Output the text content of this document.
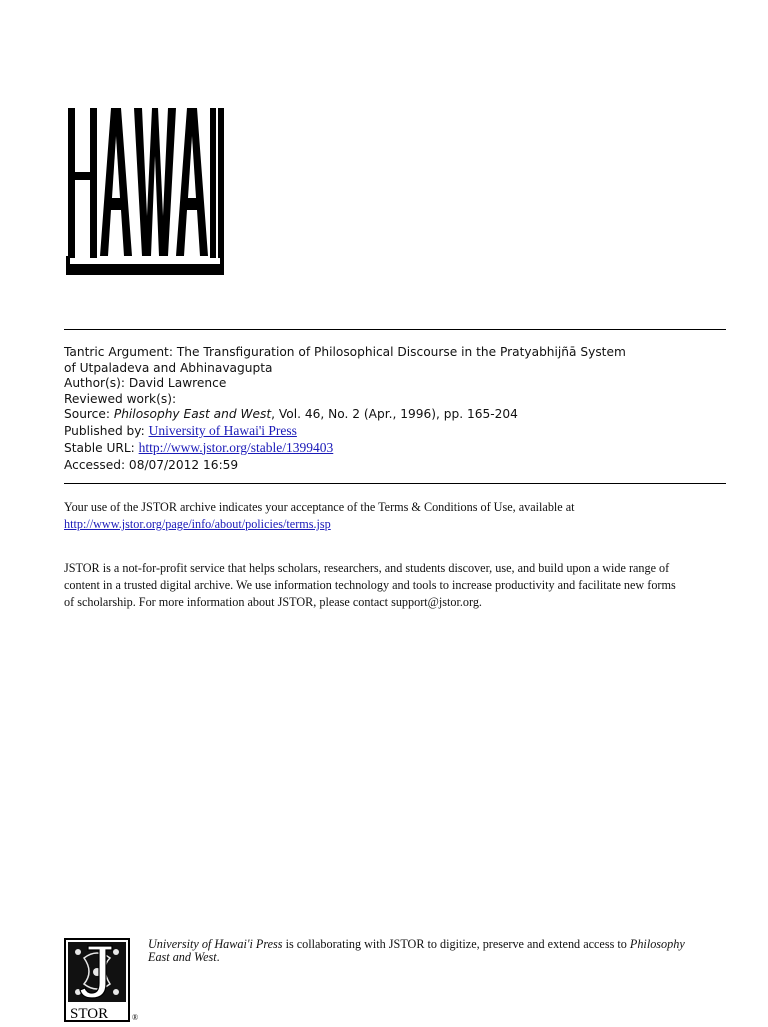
Tantric Argument: The Transfiguration of Philosophical Discourse in the Pratyabhijñā System
of Utpaladeva and Abhinavagupta
Author(s): David Lawrence
Reviewed work(s):
Source: Philosophy East and West, Vol. 46, No. 2 (Apr., 1996), pp. 165-204
Published by: University of Hawai'i Press
Stable URL: http://www.jstor.org/stable/1399403
Accessed: 08/07/2012 16:59
Your use of the JSTOR archive indicates your acceptance of the Terms & Conditions of Use, available at
http://www.jstor.org/page/info/about/policies/terms.jsp
JSTOR is a not-for-profit service that helps scholars, researchers, and students discover, use, and build upon a wide range of
content in a trusted digital archive. We use information technology and tools to increase productivity and facilitate new forms
of scholarship. For more information about JSTOR, please contact support@jstor.org.
STOR	®
University of Hawai'i Press is collaborating with JSTOR to digitize, preserve and extend access to Philosophy
East and West.
